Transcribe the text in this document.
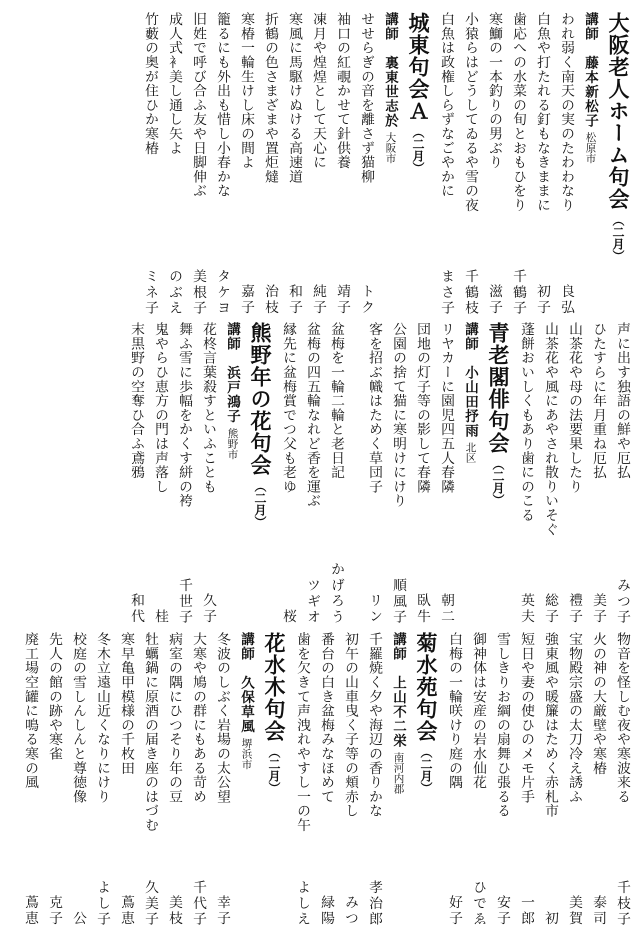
大阪老人ホーム句会
（二月）
講師　藤本新松子
松原市
われ弱く南天の実のたわわなり
良弘
白魚や打たれる釘もなきままに
初子
歯応への水菜の旬とおもひをり
千鶴子
寒鰤の一本釣りの男ぶり
滋子
小猿らはどうしてゐるや雪の夜
千鶴枝
白魚は政権しらずなごやかに
まさ子
城東句会Ａ
（二月）
講師　裏東世志於
大阪市
せせらぎの音を離さず猫柳
トク
袖口の紅覗かせて針供養
靖子
凍月や煌煌として天心に
純子
寒風に馬駆けぬける高速道
和子
折鶴の色さまざまや置炬燵
治枝
寒椿一輪生けし床の間よ
嘉子
籠るにも外出も惜し小春かな
タケヨ
旧姓で呼び合ふ友や日脚伸ぶ
美根子
成人式衤美し通し矢よ
のぶえ
竹藪の奥が住ひか寒椿
ミネ子
声に出す独語の鮮や厄払
みつ子
ひたすらに年月重ね厄払
美子
山茶花や母の法要果したり
禮子
山茶花や風にあやされ散りいそぐ
総子
蓬餅おいしくもあり歯にのこる
英夫
青老閣俳句会
（二月）
講師　小山田抒雨
北区
リヤカーに園児四五人春隣
朝二
団地の灯子等の影して春隣
臥牛
公園の捨て猫に寒明けにけり
順風子
客を招ぶ幟はためく草団子
リン
盆梅を一輪二輪と老日記
かげろう
盆梅の四五輪なれど香を運ぶ
ツギオ
縁先に盆梅賞でつ父も老ゆ
桜
熊野年の花句会
（二月）
講師　浜戸鴻子
熊野市
花柊言葉殺すといふことも
久子
舞ふ雪に歩幅をかくす絣の袴
千世子
鬼やらひ恵方の門は声落し
桂
末黒野の空奪ひ合ふ鳶鴉
和代
物音を怪しむ夜や寒波来る
千枝子
火の神の大厳壁や寒椿
泰司
宝物殿宗盛の太刀冷え誘ふ
美賀
強東風や暖簾はためく赤札市
初
短日や妻の使ひのメモ片手
一郎
雪しきりお綱の扇舞ひ張るる
安子
御神体は安産の岩水仙花
ひでゑ
白梅の一輪咲けり庭の隅
好子
菊水苑句会
（二月）
講師　上山不二栄
南河内郡
千羅焼く夕や海辺の香りかな
孝治郎
初午の山車曳く子等の頬赤し
みつ
番台の白き盆梅みなほめて
緑陽
歯を欠きて声洩れやすし一の午
よしえ
花水木句会
（二月）
講師　久保草風
堺浜市
冬波のしぶく岩場の太公望
幸子
大寒や鳩の群にもある苛め
千代子
病室の隅にひつそり年の豆
美枝
牡蠣鍋に原酒の届き座のはづむ
久美子
寒早亀甲模様の千枚田
蔦恵
冬木立遠山近くなりにけり
よし子
校庭の雪しんしんと尊徳像
公
先人の館の跡や寒雀
克子
廃工場空罐に鳴る寒の風
蔦恵
